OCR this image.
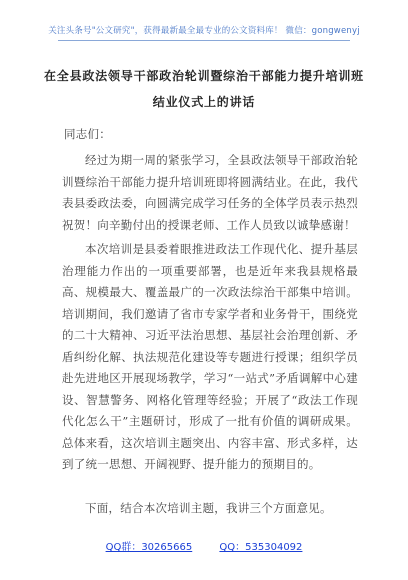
关注头条号"公文研究"，获得最新最全最专业的公文资料库！ 微信：gongwenyj
在全县政法领导干部政治轮训暨综治干部能力提升培训班
结业仪式上的讲话
同志们：
经过为期一周的紧张学习，全县政法领导干部政治轮训暨综治干部能力提升培训班即将圆满结业。在此，我代表县委政法委，向圆满完成学习任务的全体学员表示热烈祝贺！向辛勤付出的授课老师、工作人员致以诚挚感谢！
本次培训是县委着眼推进政法工作现代化、提升基层治理能力作出的一项重要部署，也是近年来我县规格最高、规模最大、覆盖最广的一次政法综治干部集中培训。培训期间，我们邀请了省市专家学者和业务骨干，围绕党的二十大精神、习近平法治思想、基层社会治理创新、矛盾纠纷化解、执法规范化建设等专题进行授课；组织学员赴先进地区开展现场教学，学习“一站式”矛盾调解中心建设、智慧警务、网格化管理等经验；开展了“政法工作现代化怎么干”主题研讨，形成了一批有价值的调研成果。总体来看，这次培训主题突出、内容丰富、形式多样，达到了统一思想、开阔视野、提升能力的预期目的。
下面，结合本次培训主题，我讲三个方面意见。
QQ群：30265665	QQ：535304092
